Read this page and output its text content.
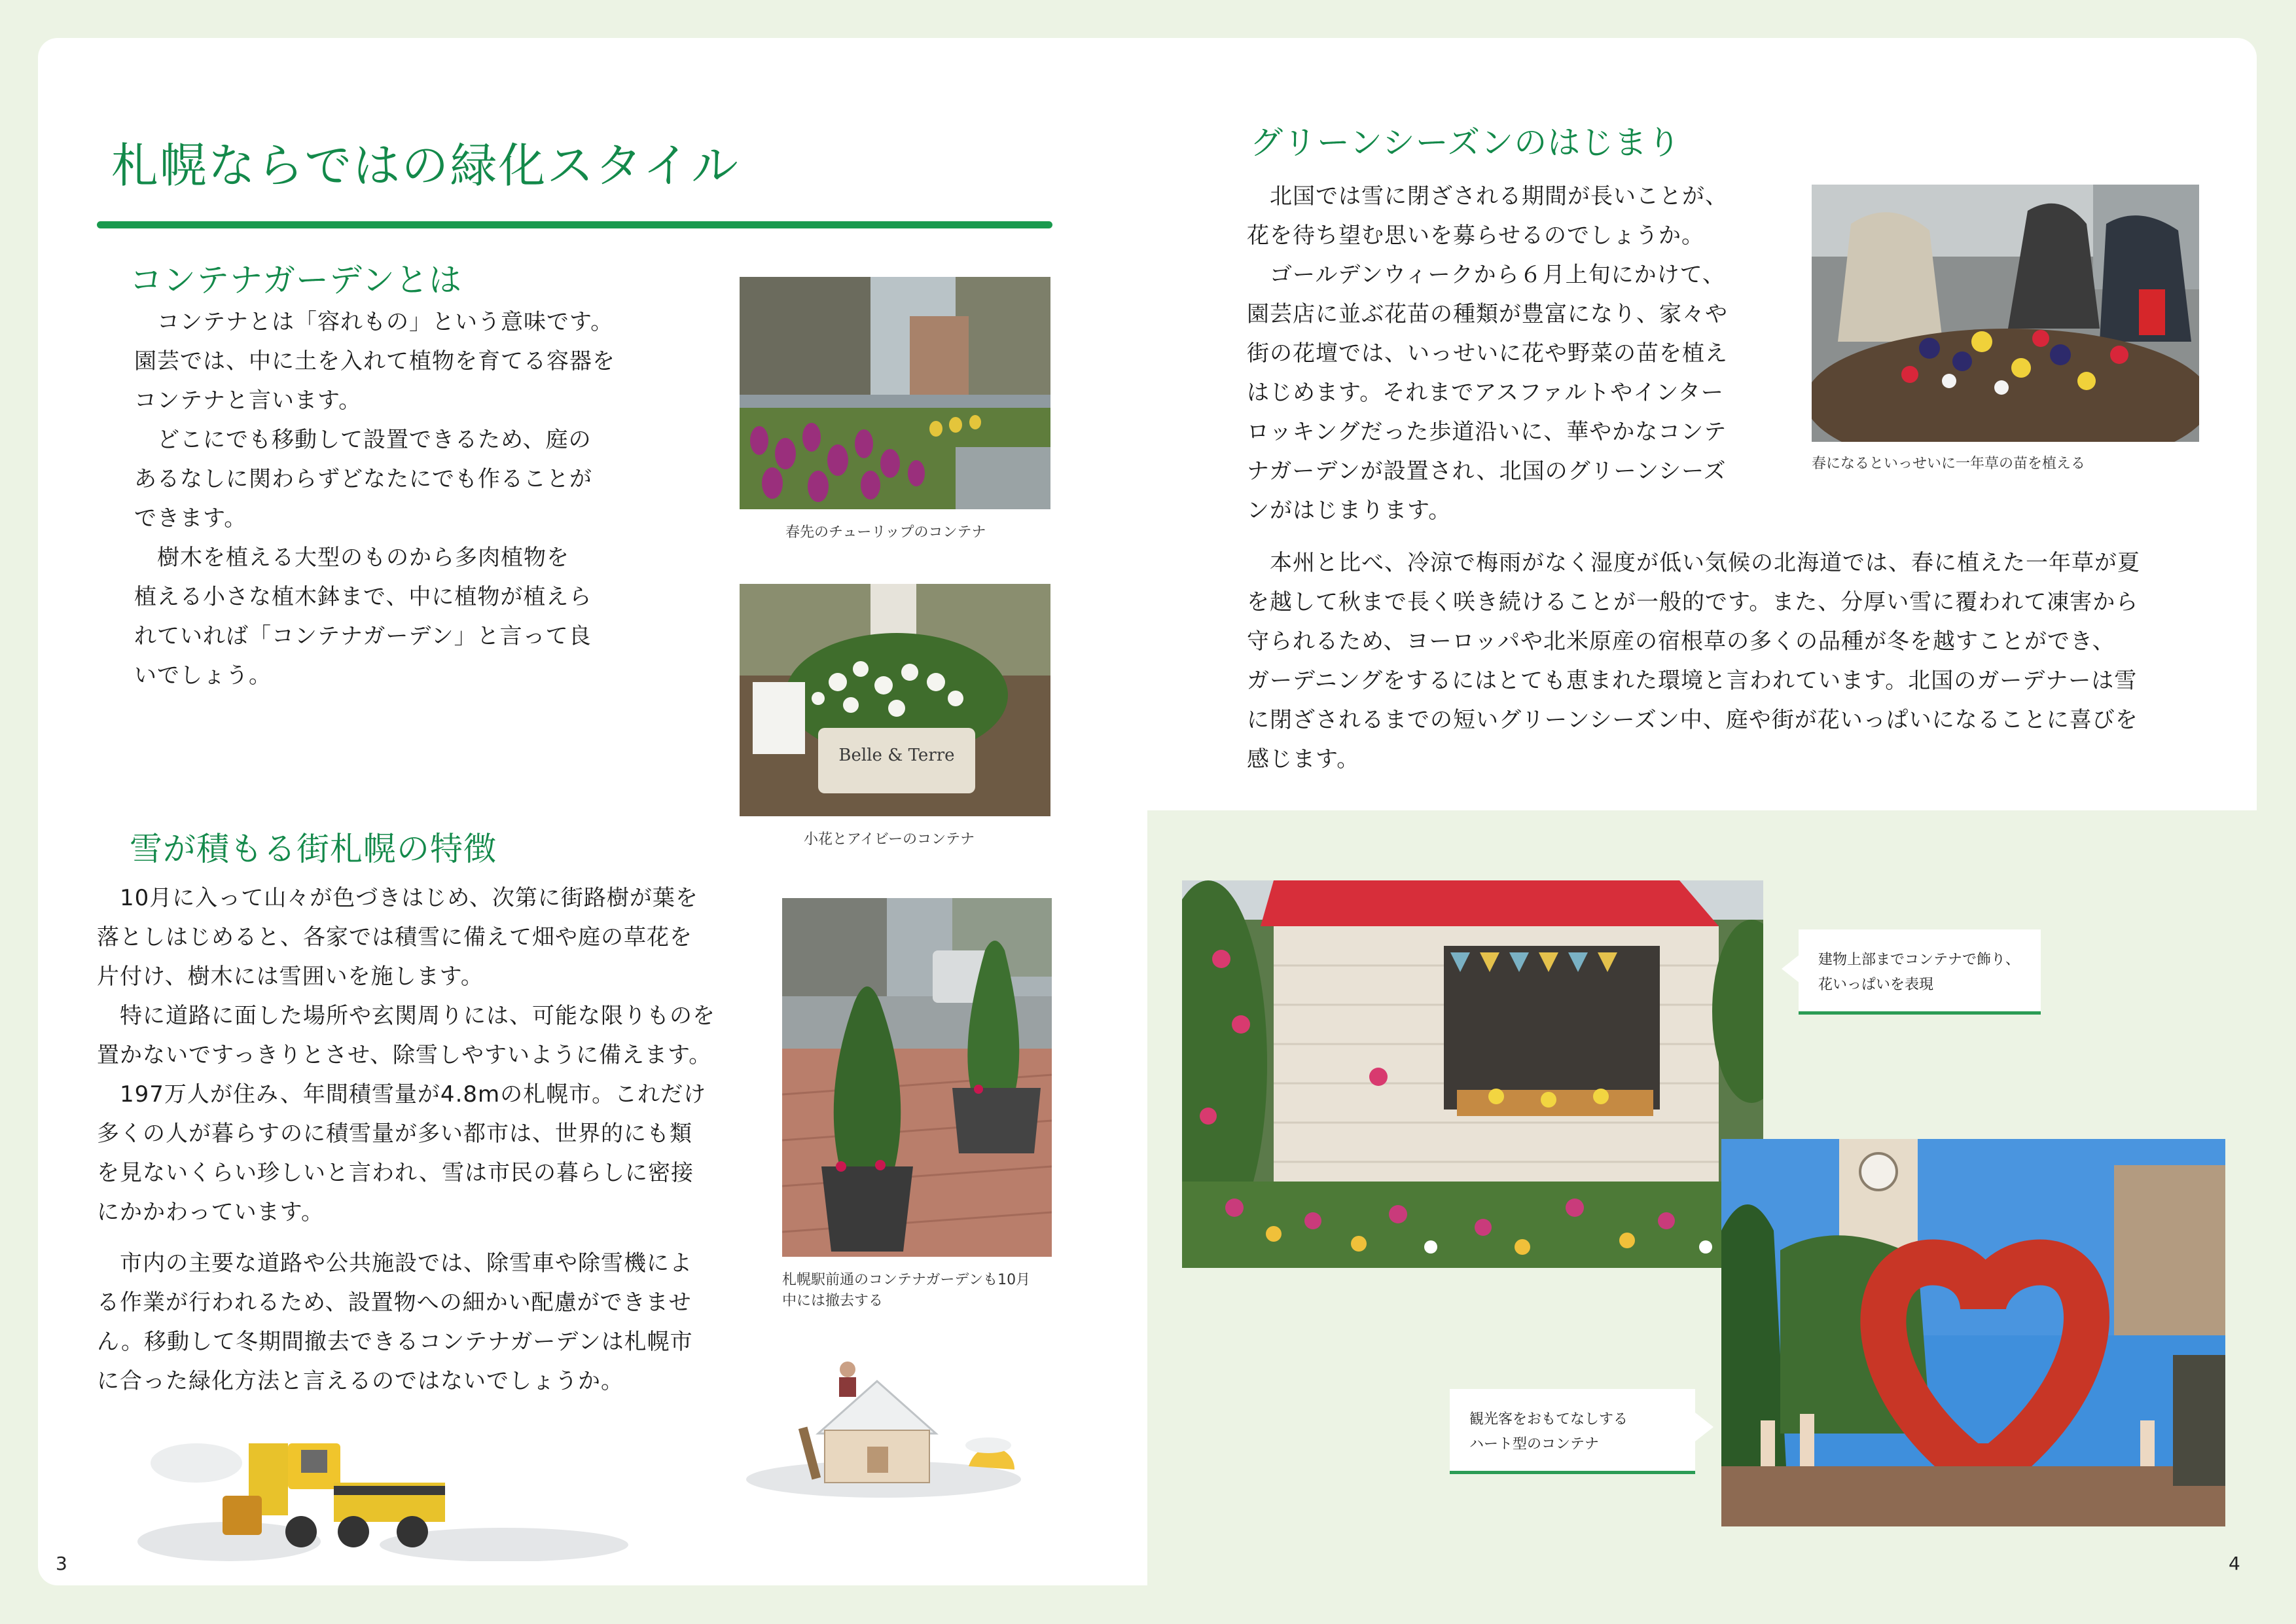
札幌ならではの緑化スタイル
コンテナガーデンとは
　コンテナとは「容れもの」という意味です。
園芸では、中に土を入れて植物を育てる容器を
コンテナと言います。
　どこにでも移動して設置できるため、庭の
あるなしに関わらずどなたにでも作ることが
できます。
　樹木を植える大型のものから多肉植物を
植える小さな植木鉢まで、中に植物が植えら
れていれば「コンテナガーデン」と言って良
いでしょう。
春先のチューリップのコンテナ
Belle & Terre
小花とアイビーのコンテナ
雪が積もる街札幌の特徴
　10月に入って山々が色づきはじめ、次第に街路樹が葉を
落としはじめると、各家では積雪に備えて畑や庭の草花を
片付け、樹木には雪囲いを施します。
　特に道路に面した場所や玄関周りには、可能な限りものを
置かないですっきりとさせ、除雪しやすいように備えます。
　197万人が住み、年間積雪量が4.8mの札幌市。これだけ
多くの人が暮らすのに積雪量が多い都市は、世界的にも類
を見ないくらい珍しいと言われ、雪は市民の暮らしに密接
にかかわっています。
　市内の主要な道路や公共施設では、除雪車や除雪機によ
る作業が行われるため、設置物への細かい配慮ができませ
ん。移動して冬期間撤去できるコンテナガーデンは札幌市
に合った緑化方法と言えるのではないでしょうか。
札幌駅前通のコンテナガーデンも10月
中には撤去する
3
グリーンシーズンのはじまり
　北国では雪に閉ざされる期間が長いことが、
花を待ち望む思いを募らせるのでしょうか。
　ゴールデンウィークから６月上旬にかけて、
園芸店に並ぶ花苗の種類が豊富になり、家々や
街の花壇では、いっせいに花や野菜の苗を植え
はじめます。それまでアスファルトやインター
ロッキングだった歩道沿いに、華やかなコンテ
ナガーデンが設置され、北国のグリーンシーズ
ンがはじまります。
　本州と比べ、冷涼で梅雨がなく湿度が低い気候の北海道では、春に植えた一年草が夏
を越して秋まで長く咲き続けることが一般的です。また、分厚い雪に覆われて凍害から
守られるため、ヨーロッパや北米原産の宿根草の多くの品種が冬を越すことができ、
ガーデニングをするにはとても恵まれた環境と言われています。北国のガーデナーは雪
に閉ざされるまでの短いグリーンシーズン中、庭や街が花いっぱいになることに喜びを
感じます。
春になるといっせいに一年草の苗を植える
建物上部までコンテナで飾り、
花いっぱいを表現
観光客をおもてなしする
ハート型のコンテナ
4
